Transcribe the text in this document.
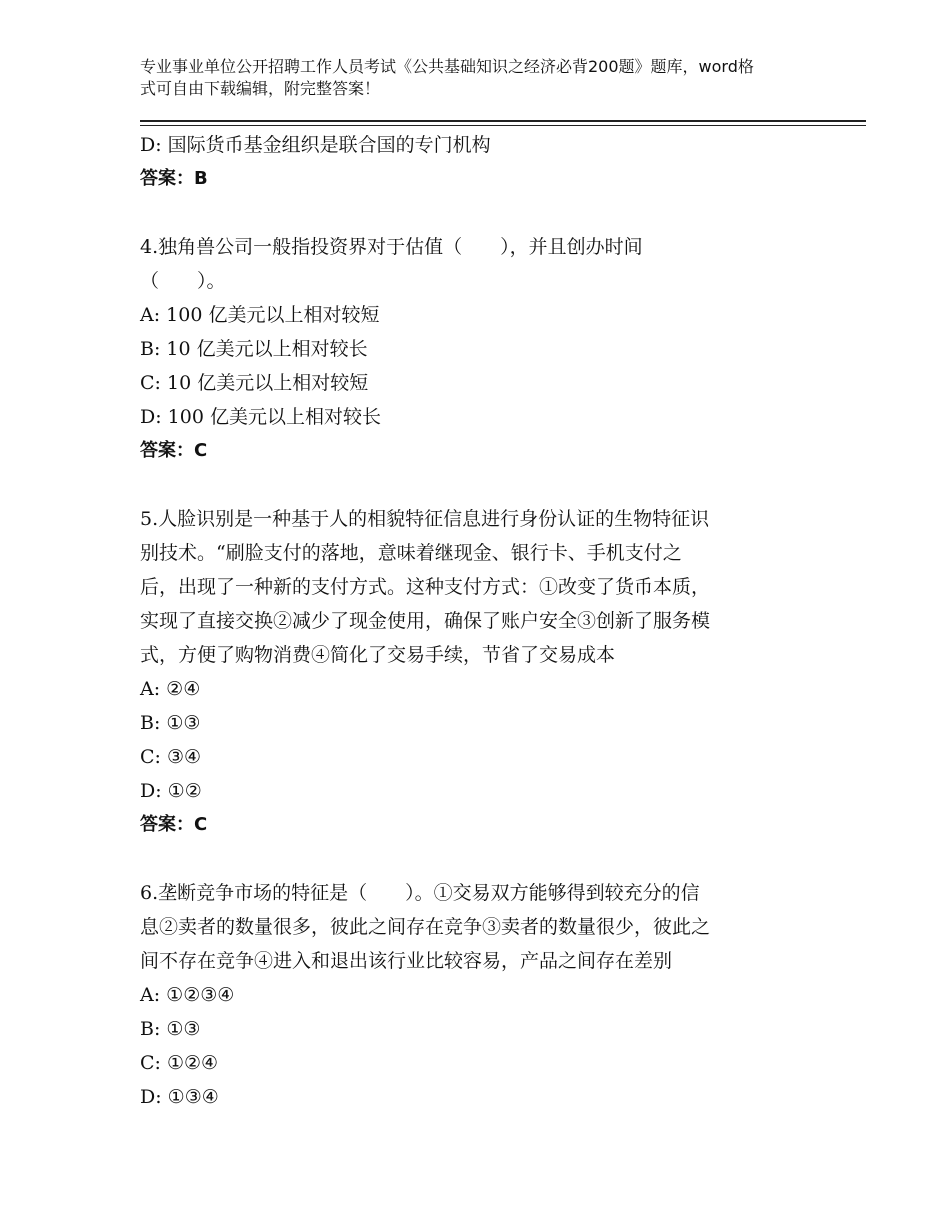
专业事业单位公开招聘工作人员考试《公共基础知识之经济必背200题》题库，word格式可自由下载编辑，附完整答案！
D: 国际货币基金组织是联合国的专门机构
答案：B
4.独角兽公司一般指投资界对于估值（　　），并且创办时间
（　　）。
A: 100 亿美元以上相对较短
B: 10 亿美元以上相对较长
C: 10 亿美元以上相对较短
D: 100 亿美元以上相对较长
答案：C
5.人脸识别是一种基于人的相貌特征信息进行身份认证的生物特征识
别技术。“刷脸支付的落地，意味着继现金、银行卡、手机支付之
后，出现了一种新的支付方式。这种支付方式：①改变了货币本质，
实现了直接交换②减少了现金使用，确保了账户安全③创新了服务模
式，方便了购物消费④简化了交易手续，节省了交易成本
A: ②④
B: ①③
C: ③④
D: ①②
答案：C
6.垄断竞争市场的特征是（　　）。①交易双方能够得到较充分的信
息②卖者的数量很多，彼此之间存在竞争③卖者的数量很少，彼此之
间不存在竞争④进入和退出该行业比较容易，产品之间存在差别
A: ①②③④
B: ①③
C: ①②④
D: ①③④
